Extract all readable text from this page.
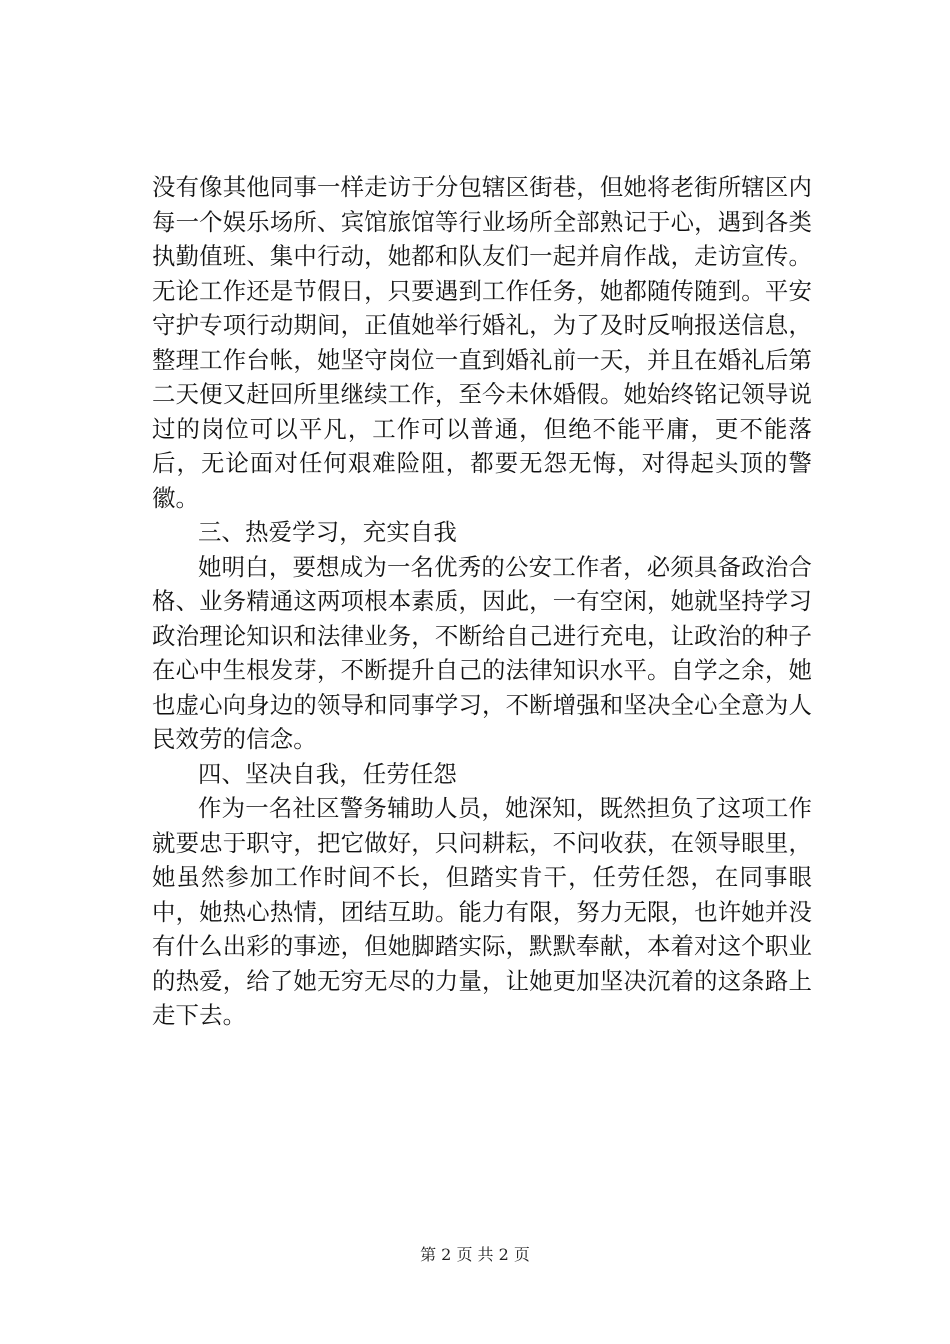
没有像其他同事一样走访于分包辖区街巷，但她将老街所辖区内每一个娱乐场所、宾馆旅馆等行业场所全部熟记于心，遇到各类执勤值班、集中行动，她都和队友们一起并肩作战，走访宣传。无论工作还是节假日，只要遇到工作任务，她都随传随到。平安守护专项行动期间，正值她举行婚礼，为了及时反响报送信息，整理工作台帐，她坚守岗位一直到婚礼前一天，并且在婚礼后第二天便又赶回所里继续工作，至今未休婚假。她始终铭记领导说过的岗位可以平凡，工作可以普通，但绝不能平庸，更不能落后，无论面对任何艰难险阻，都要无怨无悔，对得起头顶的警徽。

三、热爱学习，充实自我

她明白，要想成为一名优秀的公安工作者，必须具备政治合格、业务精通这两项根本素质，因此，一有空闲，她就坚持学习政治理论知识和法律业务，不断给自己进行充电，让政治的种子在心中生根发芽，不断提升自己的法律知识水平。自学之余，她也虚心向身边的领导和同事学习，不断增强和坚决全心全意为人民效劳的信念。

四、坚决自我，任劳任怨

作为一名社区警务辅助人员，她深知，既然担负了这项工作就要忠于职守，把它做好，只问耕耘，不问收获，在领导眼里，她虽然参加工作时间不长，但踏实肯干，任劳任怨，在同事眼中，她热心热情，团结互助。能力有限，努力无限，也许她并没有什么出彩的事迹，但她脚踏实际，默默奉献，本着对这个职业的热爱，给了她无穷无尽的力量，让她更加坚决沉着的这条路上走下去。

第 2 页 共 2 页
